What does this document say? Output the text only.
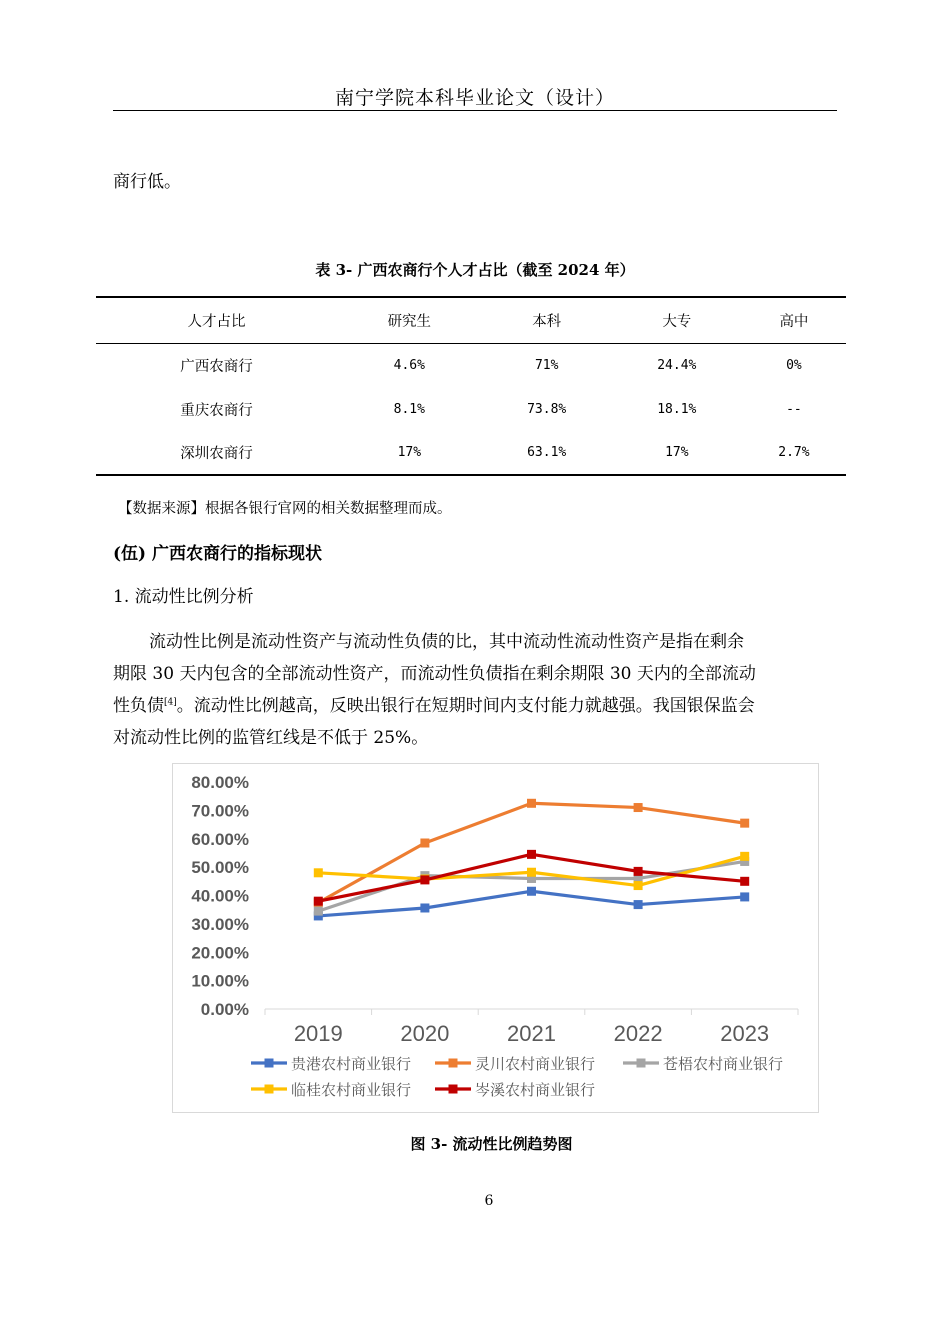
南宁学院本科毕业论文（设计）
商行低。
表 3- 广西农商行个人才占比（截至 2024 年）
人才占比	研究生	本科	大专	高中
广西农商行	4.6%	71%	24.4%	0%
重庆农商行	8.1%	73.8%	18.1%	--
深圳农商行	17%	63.1%	17%	2.7%
【数据来源】根据各银行官网的相关数据整理而成。
(伍) 广西农商行的指标现状
1. 流动性比例分析
流动性比例是流动性资产与流动性负债的比，其中流动性流动性资产是指在剩余
期限 30 天内包含的全部流动性资产，而流动性负债指在剩余期限 30 天内的全部流动
性负债[4]。流动性比例越高，反映出银行在短期时间内支付能力就越强。我国银保监会
对流动性比例的监管红线是不低于 25%。
0.00%
10.00%
20.00%
30.00%
40.00%
50.00%
60.00%
70.00%
80.00%
2019	2020	2021	2022	2023
贵港农村商业银行	灵川农村商业银行	苍梧农村商业银行
临桂农村商业银行	岑溪农村商业银行
图 3- 流动性比例趋势图
6
